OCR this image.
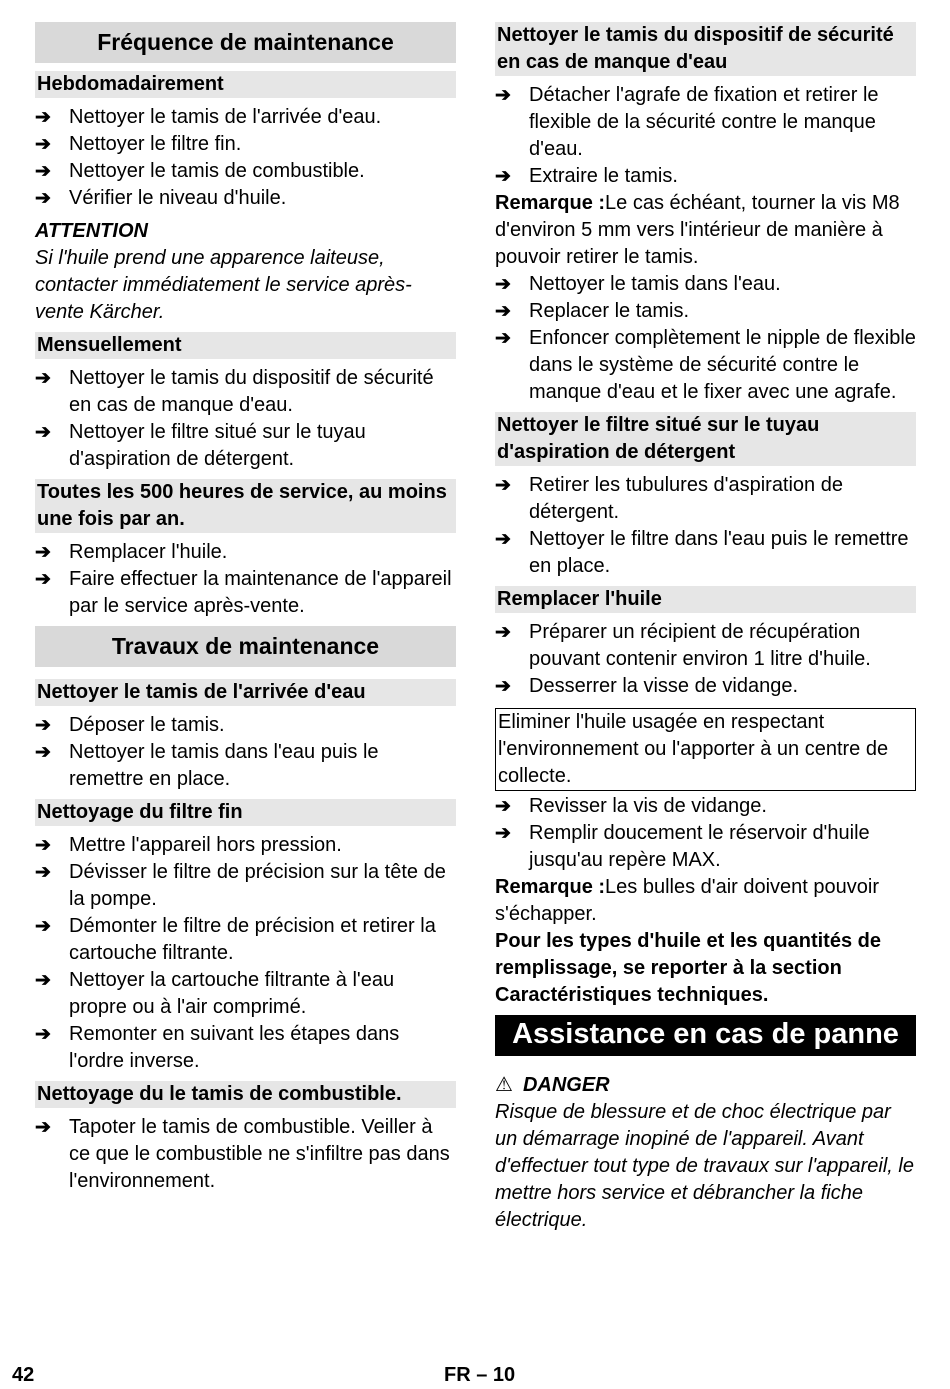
Fréquence de maintenance
Hebdomadairement
➔ Nettoyer le tamis de l'arrivée d'eau.
➔ Nettoyer le filtre fin.
➔ Nettoyer le tamis de combustible.
➔ Vérifier le niveau d'huile.

ATTENTION

Si l'huile prend une apparence laiteuse, contacter immédiatement le service après-vente Kärcher.

Mensuellement
➔ Nettoyer le tamis du dispositif de sécurité en cas de manque d'eau.
➔ Nettoyer le filtre situé sur le tuyau d'aspiration de détergent.
Toutes les 500 heures de service, au moins une fois par an.
➔ Remplacer l'huile.
➔ Faire effectuer la maintenance de l'appareil par le service après-vente.
Travaux de maintenance
Nettoyer le tamis de l'arrivée d'eau
➔ Déposer le tamis.
➔ Nettoyer le tamis dans l'eau puis le remettre en place.
Nettoyage du filtre fin
➔ Mettre l'appareil hors pression.
➔ Dévisser le filtre de précision sur la tête de la pompe.
➔ Démonter le filtre de précision et retirer la cartouche filtrante.
➔ Nettoyer la cartouche filtrante à l'eau propre ou à l'air comprimé.
➔ Remonter en suivant les étapes dans l'ordre inverse.
Nettoyage du le tamis de combustible.
➔ Tapoter le tamis de combustible. Veiller à ce que le combustible ne s'infiltre pas dans l'environnement.
Nettoyer le tamis du dispositif de sécurité en cas de manque d'eau
➔ Détacher l'agrafe de fixation et retirer le flexible de la sécurité contre le manque d'eau.
➔ Extraire le tamis.

Remarque :Le cas échéant, tourner la vis M8 d'environ 5 mm vers l'intérieur de manière à pouvoir retirer le tamis.

➔ Nettoyer le tamis dans l'eau.
➔ Replacer le tamis.
➔ Enfoncer complètement le nipple de flexible dans le système de sécurité contre le manque d'eau et le fixer avec une agrafe.
Nettoyer le filtre situé sur le tuyau d'aspiration de détergent
➔ Retirer les tubulures d'aspiration de détergent.
➔ Nettoyer le filtre dans l'eau puis le remettre en place.
Remplacer l'huile
➔ Préparer un récipient de récupération pouvant contenir environ 1 litre d'huile.
➔ Desserrer la visse de vidange.

Eliminer l'huile usagée en respectant l'environnement ou l'apporter à un centre de collecte.

➔ Revisser la vis de vidange.
➔ Remplir doucement le réservoir d'huile jusqu'au repère MAX.

Remarque :Les bulles d'air doivent pouvoir s'échapper.

Pour les types d'huile et les quantités de remplissage, se reporter à la section Caractéristiques techniques.

Assistance en cas de panne

⚠ DANGER

Risque de blessure et de choc électrique par un démarrage inopiné de l'appareil. Avant d'effectuer tout type de travaux sur l'appareil, le mettre hors service et débrancher la fiche électrique.

42	FR – 10
